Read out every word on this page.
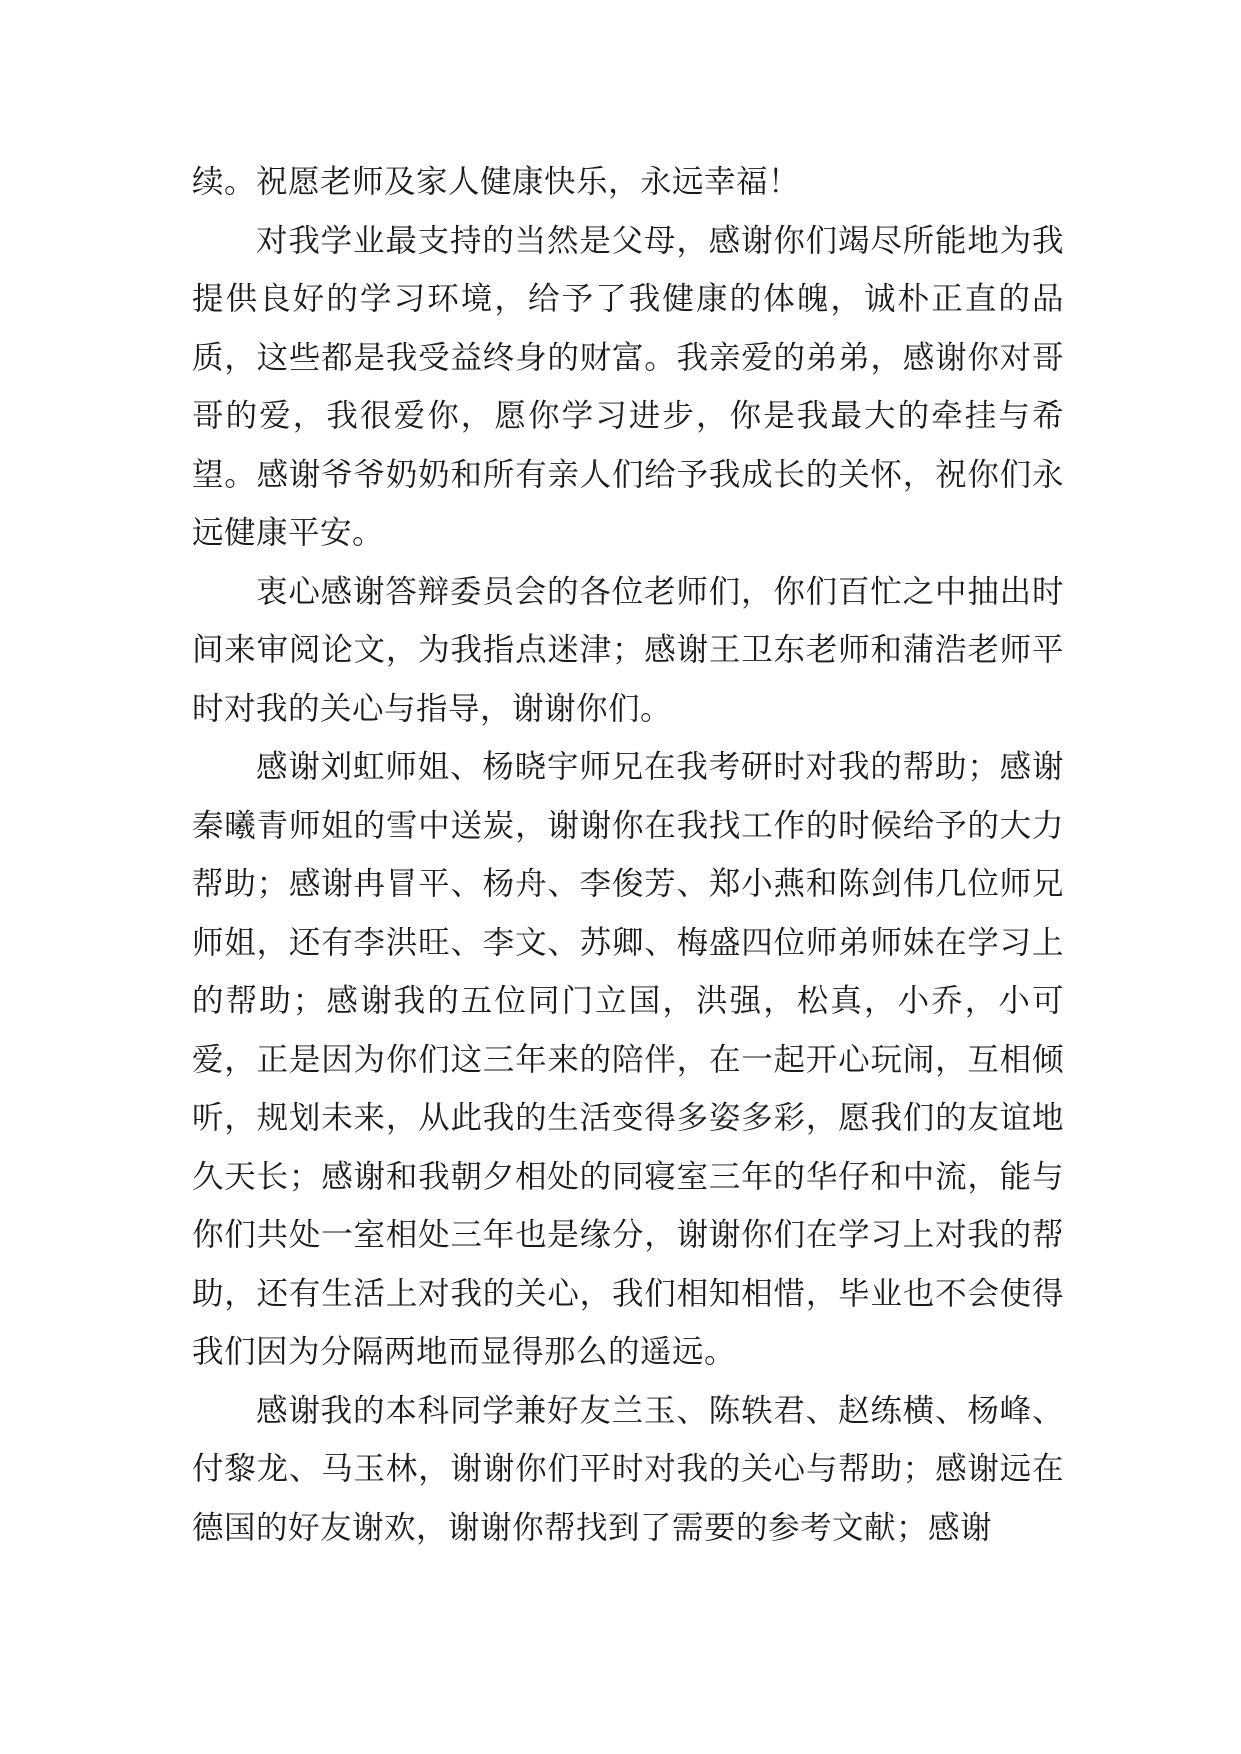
续。祝愿老师及家人健康快乐，永远幸福！

对我学业最支持的当然是父母，感谢你们竭尽所能地为我提供良好的学习环境，给予了我健康的体魄，诚朴正直的品质，这些都是我受益终身的财富。我亲爱的弟弟，感谢你对哥哥的爱，我很爱你，愿你学习进步，你是我最大的牵挂与希望。感谢爷爷奶奶和所有亲人们给予我成长的关怀，祝你们永远健康平安。

衷心感谢答辩委员会的各位老师们，你们百忙之中抽出时间来审阅论文，为我指点迷津；感谢王卫东老师和蒲浩老师平时对我的关心与指导，谢谢你们。

感谢刘虹师姐、杨晓宇师兄在我考研时对我的帮助；感谢秦曦青师姐的雪中送炭，谢谢你在我找工作的时候给予的大力帮助；感谢冉冒平、杨舟、李俊芳、郑小燕和陈剑伟几位师兄师姐，还有李洪旺、李文、苏卿、梅盛四位师弟师妹在学习上的帮助；感谢我的五位同门立国，洪强，松真，小乔，小可爱，正是因为你们这三年来的陪伴，在一起开心玩闹，互相倾听，规划未来，从此我的生活变得多姿多彩，愿我们的友谊地久天长；感谢和我朝夕相处的同寝室三年的华仔和中流，能与你们共处一室相处三年也是缘分，谢谢你们在学习上对我的帮助，还有生活上对我的关心，我们相知相惜，毕业也不会使得我们因为分隔两地而显得那么的遥远。

感谢我的本科同学兼好友兰玉、陈轶君、赵练横、杨峰、付黎龙、马玉林，谢谢你们平时对我的关心与帮助；感谢远在德国的好友谢欢，谢谢你帮找到了需要的参考文献；感谢
